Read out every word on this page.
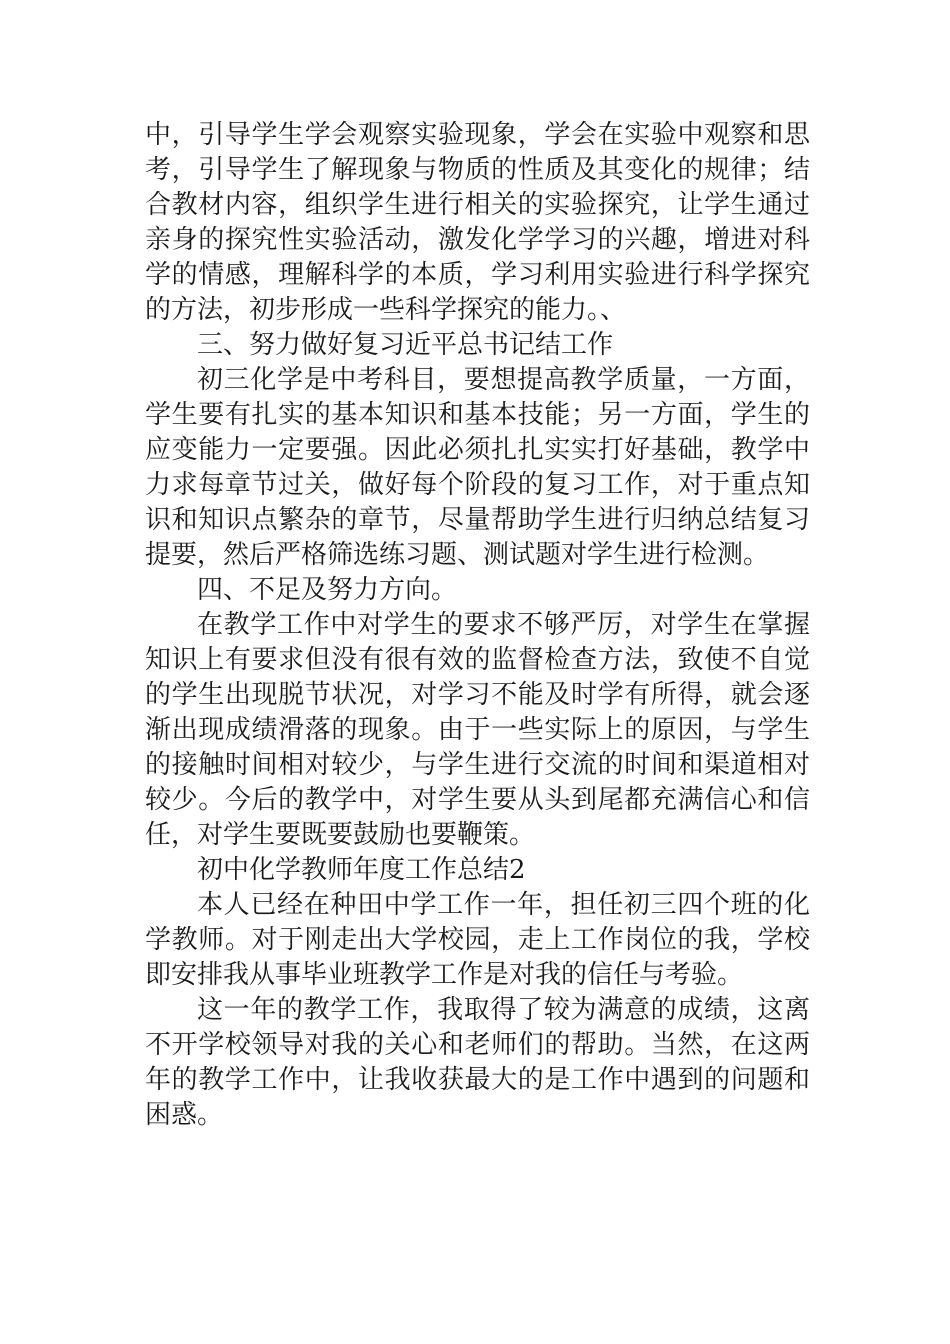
中，引导学生学会观察实验现象，学会在实验中观察和思考，引导学生了解现象与物质的性质及其变化的规律；结合教材内容，组织学生进行相关的实验探究，让学生通过亲身的探究性实验活动，激发化学学习的兴趣，增进对科学的情感，理解科学的本质，学习利用实验进行科学探究的方法，初步形成一些科学探究的能力。、

三、努力做好复习近平总书记结工作

初三化学是中考科目，要想提高教学质量，一方面，学生要有扎实的基本知识和基本技能；另一方面，学生的应变能力一定要强。因此必须扎扎实实打好基础，教学中力求每章节过关，做好每个阶段的复习工作，对于重点知识和知识点繁杂的章节，尽量帮助学生进行归纳总结复习提要，然后严格筛选练习题、测试题对学生进行检测。

四、不足及努力方向。

在教学工作中对学生的要求不够严厉，对学生在掌握知识上有要求但没有很有效的监督检查方法，致使不自觉的学生出现脱节状况，对学习不能及时学有所得，就会逐渐出现成绩滑落的现象。由于一些实际上的原因，与学生的接触时间相对较少，与学生进行交流的时间和渠道相对较少。今后的教学中，对学生要从头到尾都充满信心和信任，对学生要既要鼓励也要鞭策。

初中化学教师年度工作总结2

本人已经在种田中学工作一年，担任初三四个班的化学教师。对于刚走出大学校园，走上工作岗位的我，学校即安排我从事毕业班教学工作是对我的信任与考验。

这一年的教学工作，我取得了较为满意的成绩，这离不开学校领导对我的关心和老师们的帮助。当然，在这两年的教学工作中，让我收获最大的是工作中遇到的问题和困惑。
